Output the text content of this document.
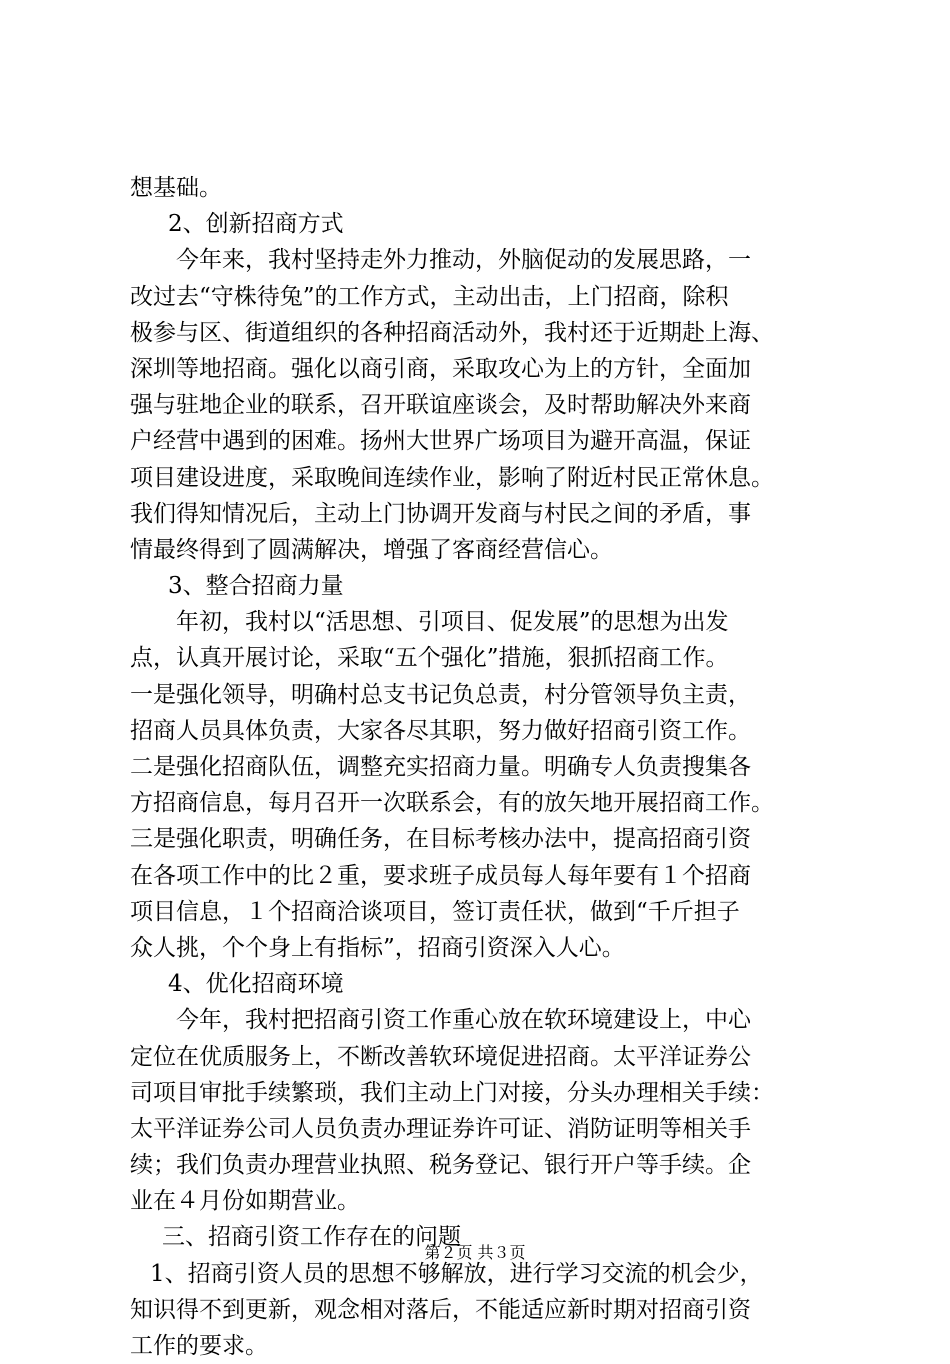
想基础。
2、创新招商方式
今年来，我村坚持走外力推动，外脑促动的发展思路，一
改过去“守株待兔”的工作方式，主动出击，上门招商，除积
极参与区、街道组织的各种招商活动外，我村还于近期赴上海、
深圳等地招商。强化以商引商，采取攻心为上的方针，全面加
强与驻地企业的联系，召开联谊座谈会，及时帮助解决外来商
户经营中遇到的困难。扬州大世界广场项目为避开高温，保证
项目建设进度，采取晚间连续作业，影响了附近村民正常休息。
我们得知情况后，主动上门协调开发商与村民之间的矛盾，事
情最终得到了圆满解决，增强了客商经营信心。
3、整合招商力量
年初，我村以“活思想、引项目、促发展”的思想为出发
点，认真开展讨论，采取“五个强化”措施，狠抓招商工作。
一是强化领导，明确村总支书记负总责，村分管领导负主责，
招商人员具体负责，大家各尽其职，努力做好招商引资工作。
二是强化招商队伍，调整充实招商力量。明确专人负责搜集各
方招商信息，每月召开一次联系会，有的放矢地开展招商工作。
三是强化职责，明确任务，在目标考核办法中，提高招商引资
在各项工作中的比２重，要求班子成员每人每年要有１个招商
项目信息，１个招商洽谈项目，签订责任状，做到“千斤担子
众人挑，个个身上有指标”，招商引资深入人心。
4、优化招商环境
今年，我村把招商引资工作重心放在软环境建设上，中心
定位在优质服务上，不断改善软环境促进招商。太平洋证券公
司项目审批手续繁琐，我们主动上门对接，分头办理相关手续：
太平洋证券公司人员负责办理证券许可证、消防证明等相关手
续；我们负责办理营业执照、税务登记、银行开户等手续。企
业在４月份如期营业。
三、招商引资工作存在的问题
1、招商引资人员的思想不够解放，进行学习交流的机会少，
知识得不到更新，观念相对落后，不能适应新时期对招商引资
工作的要求。
第２页 共３页
